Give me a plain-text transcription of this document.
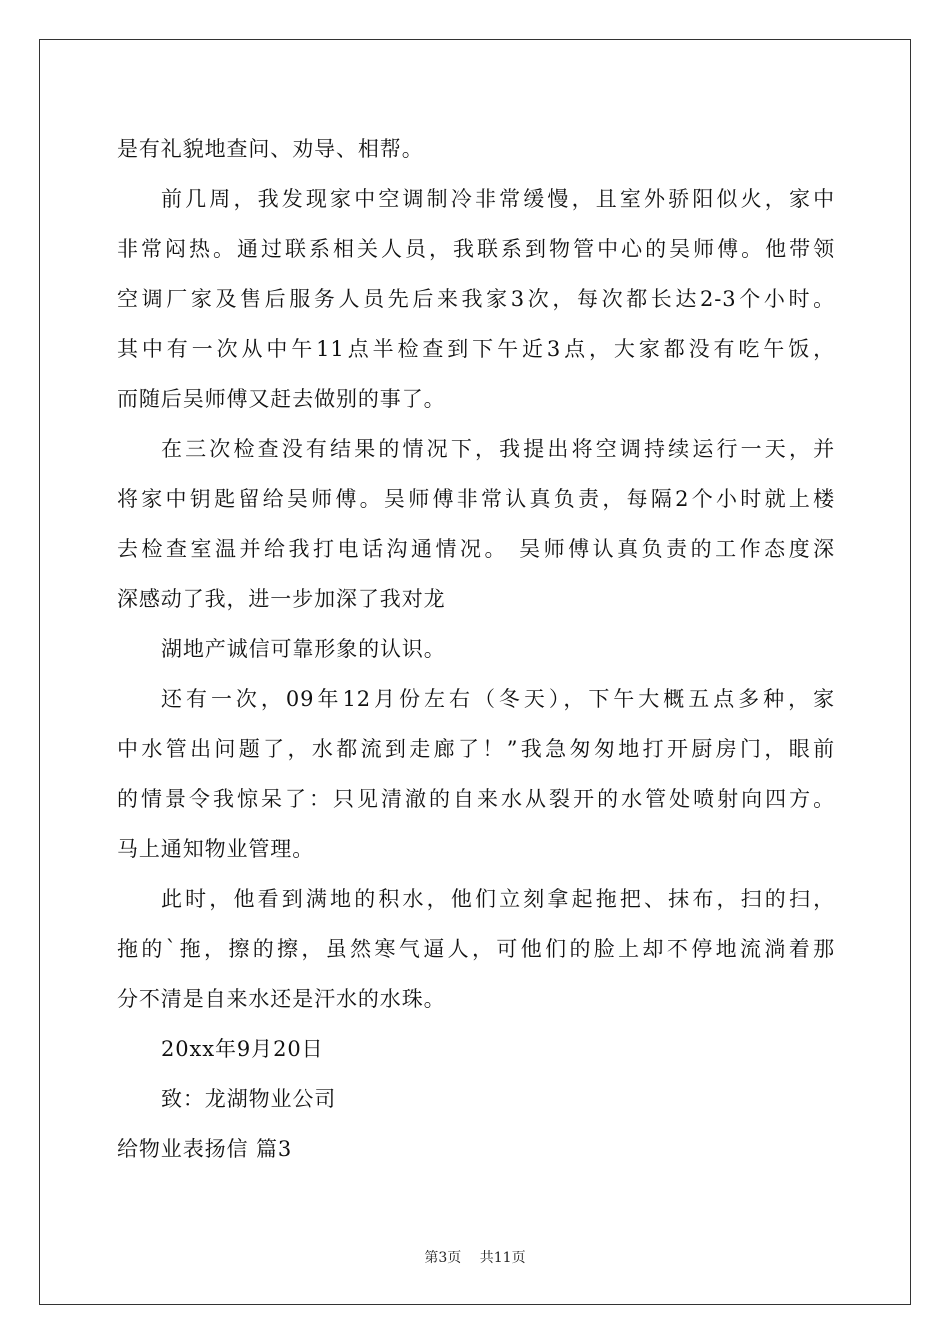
是有礼貌地查问、劝导、相帮。
前几周，我发现家中空调制冷非常缓慢，且室外骄阳似火，家中
非常闷热。通过联系相关人员，我联系到物管中心的吴师傅。他带领
空调厂家及售后服务人员先后来我家3次，每次都长达2-3个小时。
其中有一次从中午11点半检查到下午近3点，大家都没有吃午饭，
而随后吴师傅又赶去做别的事了。
在三次检查没有结果的情况下，我提出将空调持续运行一天，并
将家中钥匙留给吴师傅。吴师傅非常认真负责，每隔2个小时就上楼
去检查室温并给我打电话沟通情况。 吴师傅认真负责的工作态度深
深感动了我，进一步加深了我对龙
湖地产诚信可靠形象的认识。
还有一次，09年12月份左右（冬天），下午大概五点多种，家
中水管出问题了，水都流到走廊了！”我急匆匆地打开厨房门，眼前
的情景令我惊呆了：只见清澈的自来水从裂开的水管处喷射向四方。
马上通知物业管理。
此时，他看到满地的积水，他们立刻拿起拖把、抹布，扫的扫，
拖的`拖，擦的擦，虽然寒气逼人，可他们的脸上却不停地流淌着那
分不清是自来水还是汗水的水珠。
20xx年9月20日
致：龙湖物业公司
给物业表扬信 篇3
第3页 共11页
